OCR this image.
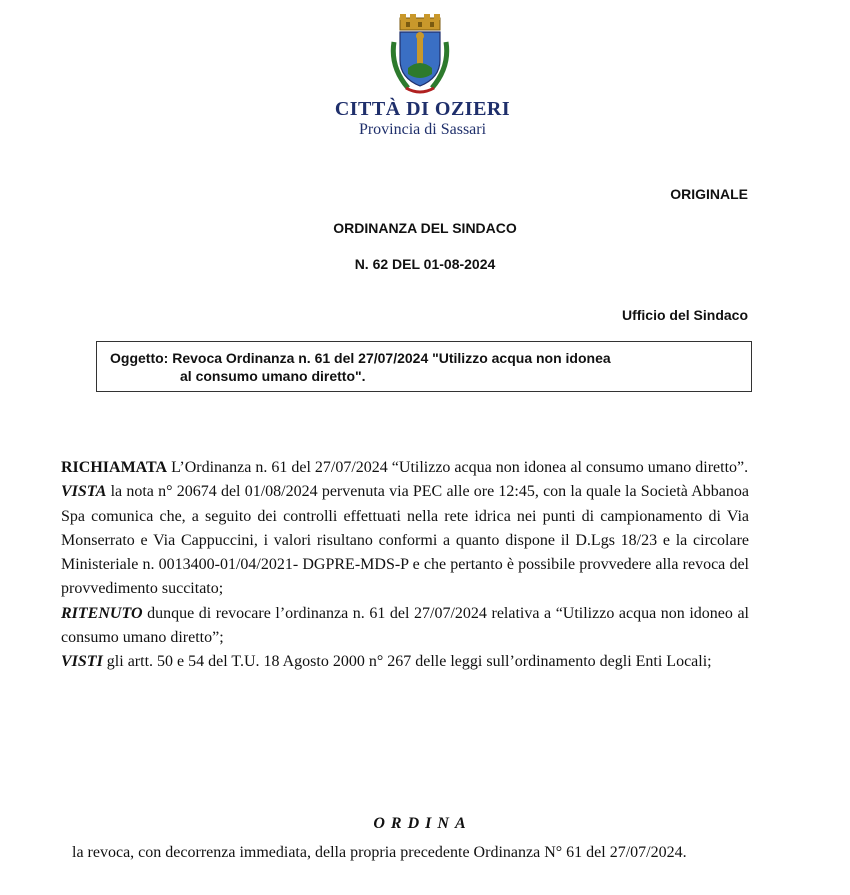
CITTÀ DI OZIERI
Provincia di Sassari
ORIGINALE
ORDINANZA DEL SINDACO
N. 62 DEL 01-08-2024
Ufficio del Sindaco
Oggetto: Revoca Ordinanza n. 61 del 27/07/2024 "Utilizzo acqua non idonea
al consumo umano diretto".

RICHIAMATA L’Ordinanza n. 61 del 27/07/2024 “Utilizzo acqua non idonea al consumo umano diretto”.

VISTA la nota n° 20674 del 01/08/2024 pervenuta via PEC alle ore 12:45, con la quale la Società Abbanoa Spa comunica che, a seguito dei controlli effettuati nella rete idrica nei punti di campionamento di Via Monserrato e Via Cappuccini, i valori risultano conformi a quanto dispone il D.Lgs 18/23 e la circolare Ministeriale n. 0013400-01/04/2021- DGPRE-MDS-P e che pertanto è possibile provvedere alla revoca del provvedimento succitato;

RITENUTO dunque di revocare l’ordinanza n. 61 del 27/07/2024 relativa a “Utilizzo acqua non idoneo al consumo umano diretto”;

VISTI gli artt. 50 e 54 del T.U. 18 Agosto 2000 n° 267 delle leggi sull’ordinamento degli Enti Locali;

ORDINA
la revoca, con decorrenza immediata, della propria precedente Ordinanza N° 61 del 27/07/2024.
